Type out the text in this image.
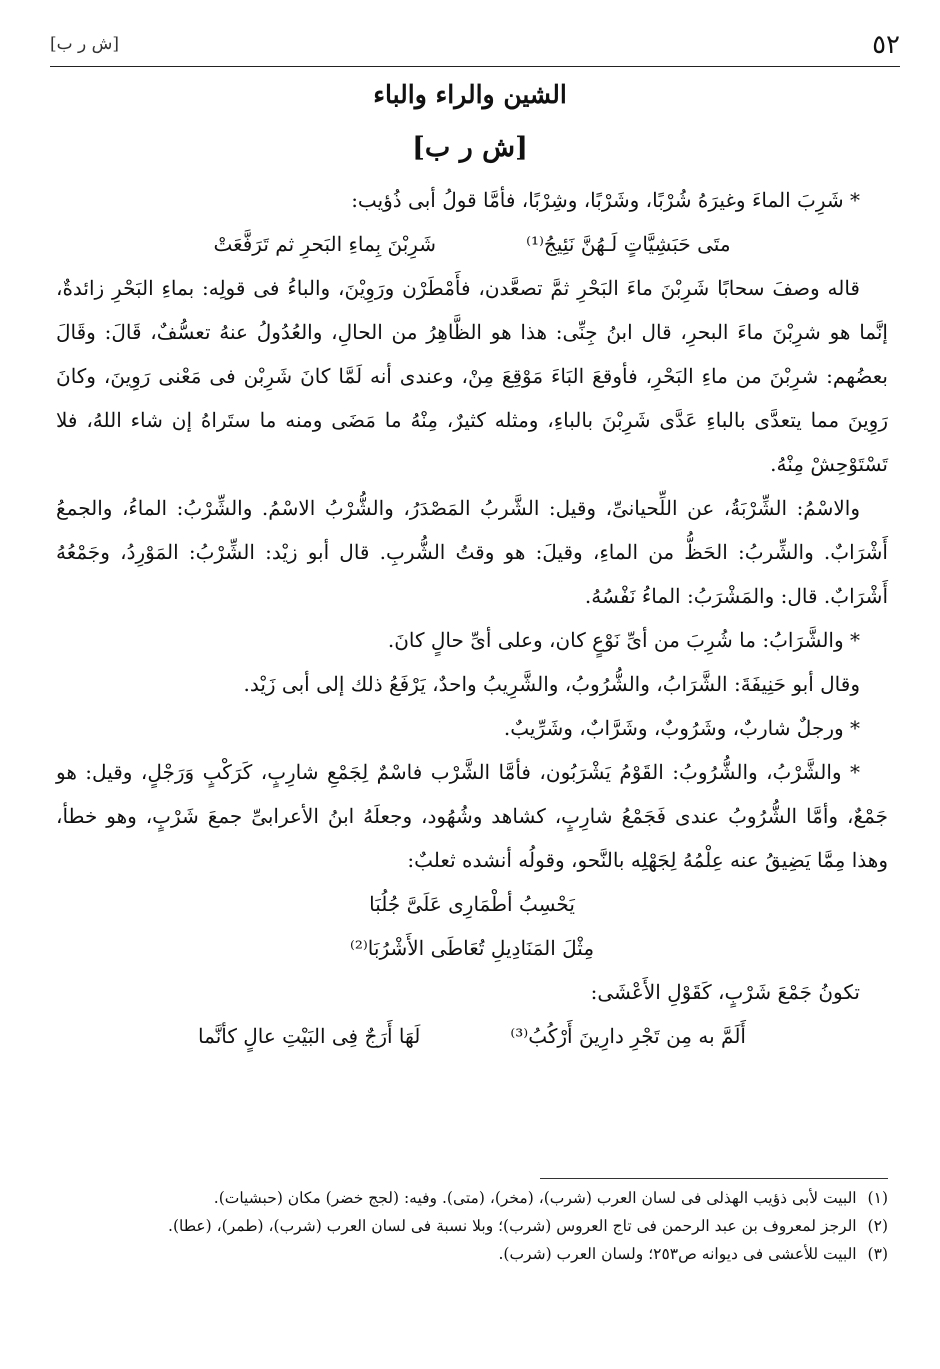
٥٢
[ش ر ب]
الشين والراء والباء
[ش ر ب]

* شَرِبَ الماءَ وغيرَهُ شُرْبًا، وشَرْبًا، وشِرْبًا، فأمَّا قولُ أبى ذُؤيب:

شَرِبْنَ بِماءِ البَحرِ ثم تَرَفَّعَتْ	متَى حَبَشِيَّاتٍ لَـهُنَّ نَئِيجُ⁽¹⁾

قاله وصفَ سحابًا شَرِبْنَ ماءَ البَحْرِ ثمَّ تصعَّدن، فأَمْطَرْن ورَوِيْنَ، والباءُ فى قولِه: بماءِ البَحْرِ زائدةٌ، إنَّما هو شرِبْنَ ماءَ البحرِ، قال ابنُ جِنِّى: هذا هو الظَّاهِرُ من الحالِ، والعُدُولُ عنهُ تعسُّفٌ، قَالَ: وقَالَ بعضُهم: شرِبْنَ من ماءِ البَحْرِ، فأوقعَ البَاءَ مَوْقِعَ مِنْ، وعندى أنه لَمَّا كانَ شَرِبْن فى مَعْنى رَوِينَ، وكانَ رَوِينَ مما يتعدَّى بالباءِ عَدَّى شَرِبْنَ بالباءِ، ومثله كثيرٌ، مِنْهُ ما مَضَى ومنه ما ستَراهُ إن شاء اللهُ، فلا تَسْتَوْحِشْ مِنْهُ.

والاسْمُ: الشِّرْبَةُ، عن اللِّحيانىِّ، وقيل: الشَّربُ المَصْدَرُ، والشُّرْبُ الاسْمُ. والشِّرْبُ: الماءُ، والجمعُ أَشْرَابٌ. والشِّربُ: الحَظُّ من الماءِ، وقيلَ: هو وقتُ الشُّربِ. قال أبو زيْد: الشِّرْبُ: المَوْرِدُ، وجَمْعُهُ أَشْرَابٌ. قال: والمَشْرَبُ: الماءُ نَفْسُهُ.

* والشَّرَابُ: ما شُرِبَ من أىِّ نَوْعٍ كان، وعلى أىِّ حالٍ كانَ.

وقال أبو حَنِيفَةَ: الشَّرَابُ، والشُّرُوبُ، والشَّرِيبُ واحدٌ، يَرْفَعُ ذلك إلى أبى زَيْد.

* ورجلٌ شاربٌ، وشَرُوبٌ، وشَرَّابٌ، وشَرِّيبٌ.

* والشَّرْبُ، والشُّرُوبُ: القَوْمُ يَشْرَبُون، فأمَّا الشَّرْب فاسْمٌ لِجَمْعِ شارِبٍ، كَرَكْبٍ وَرَجْلٍ، وقيل: هو جَمْعٌ، وأمَّا الشُّرُوبُ عندى فَجَمْعُ شارِبٍ، كشاهد وشُهُود، وجعلَهُ ابنُ الأعرابىِّ جمعَ شَرْبٍ، وهو خطأ، وهذا مِمَّا يَضِيقُ عنه عِلْمُهُ لِجَهْلِه بالنَّحو، وقولُه أنشده ثعلبٌ:

يَحْسِبُ أطْمَارِى عَلَىَّ جُلُبَا

مِثْلَ المَنَادِيلِ تُعَاطَى الأَشْرُبَا⁽²⁾

تكونُ جَمْعَ شَرْبٍ، كَقَوْلِ الأَعْشَى:

لَهَا أَرَجٌ فِى البَيْتِ عالٍ كأنَّما	أَلَمَّ به مِن تَجْرِ دارِينَ أَرْكُبُ⁽³⁾

(١) البيت لأبى ذؤيب الهذلى فى لسان العرب (شرب)، (مخر)، (متى). وفيه: (لجج خضر) مكان (حبشيات).

(٢) الرجز لمعروف بن عبد الرحمن فى تاج العروس (شرب)؛ وبلا نسبة فى لسان العرب (شرب)، (طمر)، (عطا).

(٣) البيت للأعشى فى ديوانه ص٢٥٣؛ ولسان العرب (شرب).
